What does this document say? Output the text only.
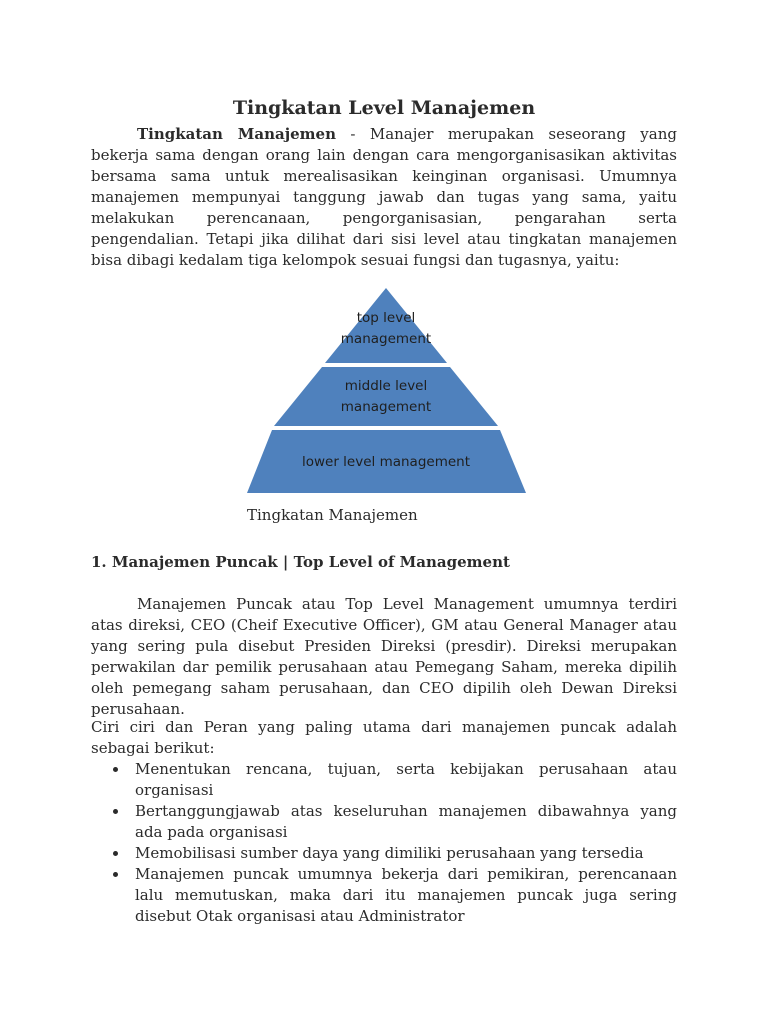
Tingkatan Level Manajemen

Tingkatan Manajemen - Manajer merupakan seseorang yang bekerja sama dengan orang lain dengan cara mengorganisasikan aktivitas bersama sama untuk merealisasikan keinginan organisasi. Umumnya manajemen mempunyai tanggung jawab dan tugas yang sama, yaitu melakukan perencanaan, pengorganisasian, pengarahan serta pengendalian. Tetapi jika dilihat dari sisi level atau tingkatan manajemen bisa dibagi kedalam tiga kelompok sesuai fungsi dan tugasnya, yaitu:

top level
management
middle level
management
lower level management

Tingkatan Manajemen

1. Manajemen Puncak | Top Level of Management

Manajemen Puncak atau Top Level Management umumnya terdiri atas direksi, CEO (Cheif Executive Officer), GM atau General Manager atau yang sering pula disebut Presiden Direksi (presdir). Direksi merupakan perwakilan dar pemilik perusahaan atau Pemegang Saham, mereka dipilih oleh pemegang saham perusahaan, dan CEO dipilih oleh Dewan Direksi perusahaan.

Ciri ciri dan Peran yang paling utama dari manajemen puncak adalah sebagai berikut:

Menentukan rencana, tujuan, serta kebijakan perusahaan atau organisasi
Bertanggungjawab atas keseluruhan manajemen dibawahnya yang ada pada organisasi
Memobilisasi sumber daya yang dimiliki perusahaan yang tersedia
Manajemen puncak umumnya bekerja dari pemikiran, perencanaan lalu memutuskan, maka dari itu manajemen puncak juga sering disebut Otak organisasi atau Administrator
